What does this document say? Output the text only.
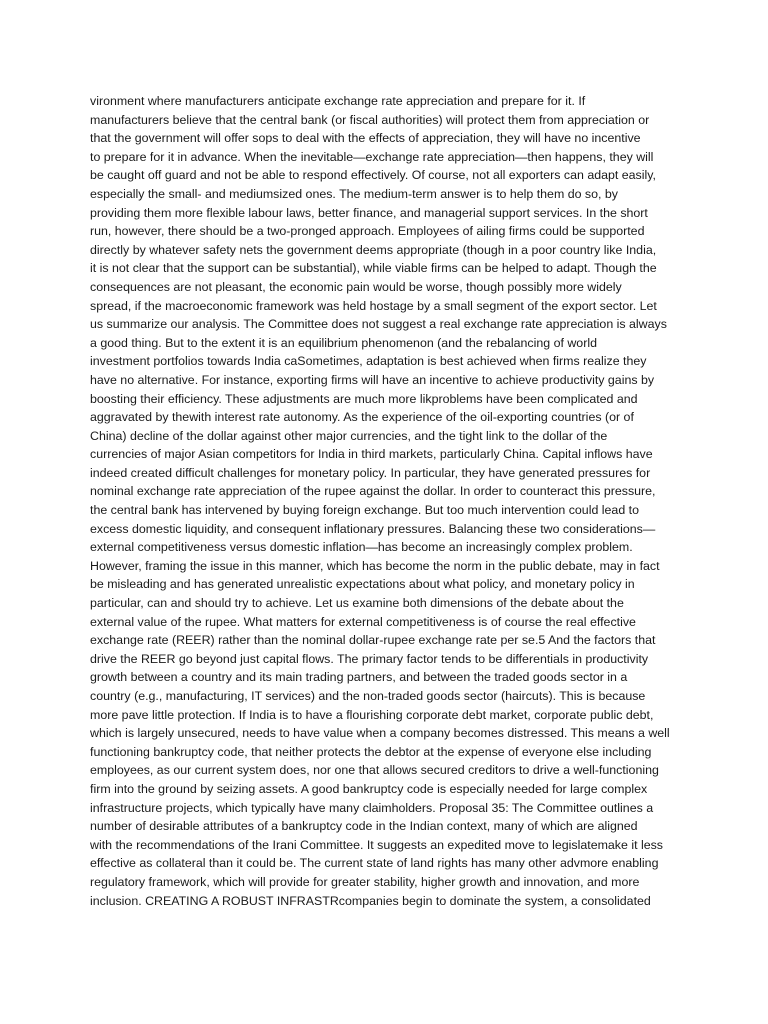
vironment where manufacturers anticipate exchange rate appreciation and prepare for it. If
manufacturers believe that the central bank (or fiscal authorities) will protect them from appreciation or
that the government will offer sops to deal with the effects of appreciation, they will have no incentive
to prepare for it in advance. When the inevitable—exchange rate appreciation—then happens, they will
be caught off guard and not be able to respond effectively. Of course, not all exporters can adapt easily,
especially the small- and mediumsized ones. The medium-term answer is to help them do so, by
providing them more flexible labour laws, better finance, and managerial support services. In the short
run, however, there should be a two-pronged approach. Employees of ailing firms could be supported
directly by whatever safety nets the government deems appropriate (though in a poor country like India,
it is not clear that the support can be substantial), while viable firms can be helped to adapt. Though the
consequences are not pleasant, the economic pain would be worse, though possibly more widely
spread, if the macroeconomic framework was held hostage by a small segment of the export sector. Let
us summarize our analysis. The Committee does not suggest a real exchange rate appreciation is always
a good thing. But to the extent it is an equilibrium phenomenon (and the rebalancing of world
investment portfolios towards India caSometimes, adaptation is best achieved when firms realize they
have no alternative. For instance, exporting firms will have an incentive to achieve productivity gains by
boosting their efficiency. These adjustments are much more likproblems have been complicated and
aggravated by thewith interest rate autonomy. As the experience of the oil-exporting countries (or of
China) decline of the dollar against other major currencies, and the tight link to the dollar of the
currencies of major Asian competitors for India in third markets, particularly China. Capital inflows have
indeed created difficult challenges for monetary policy. In particular, they have generated pressures for
nominal exchange rate appreciation of the rupee against the dollar. In order to counteract this pressure,
the central bank has intervened by buying foreign exchange. But too much intervention could lead to
excess domestic liquidity, and consequent inflationary pressures. Balancing these two considerations—
external competitiveness versus domestic inflation—has become an increasingly complex problem.
However, framing the issue in this manner, which has become the norm in the public debate, may in fact
be misleading and has generated unrealistic expectations about what policy, and monetary policy in
particular, can and should try to achieve. Let us examine both dimensions of the debate about the
external value of the rupee. What matters for external competitiveness is of course the real effective
exchange rate (REER) rather than the nominal dollar-rupee exchange rate per se.5 And the factors that
drive the REER go beyond just capital flows. The primary factor tends to be differentials in productivity
growth between a country and its main trading partners, and between the traded goods sector in a
country (e.g., manufacturing, IT services) and the non-traded goods sector (haircuts). This is because
more pave little protection. If India is to have a flourishing corporate debt market, corporate public debt,
which is largely unsecured, needs to have value when a company becomes distressed. This means a well
functioning bankruptcy code, that neither protects the debtor at the expense of everyone else including
employees, as our current system does, nor one that allows secured creditors to drive a well-functioning
firm into the ground by seizing assets. A good bankruptcy code is especially needed for large complex
infrastructure projects, which typically have many claimholders. Proposal 35: The Committee outlines a
number of desirable attributes of a bankruptcy code in the Indian context, many of which are aligned
with the recommendations of the Irani Committee. It suggests an expedited move to legislatemake it less
effective as collateral than it could be. The current state of land rights has many other advmore enabling
regulatory framework, which will provide for greater stability, higher growth and innovation, and more
inclusion. CREATING A ROBUST INFRASTRcompanies begin to dominate the system, a consolidated
